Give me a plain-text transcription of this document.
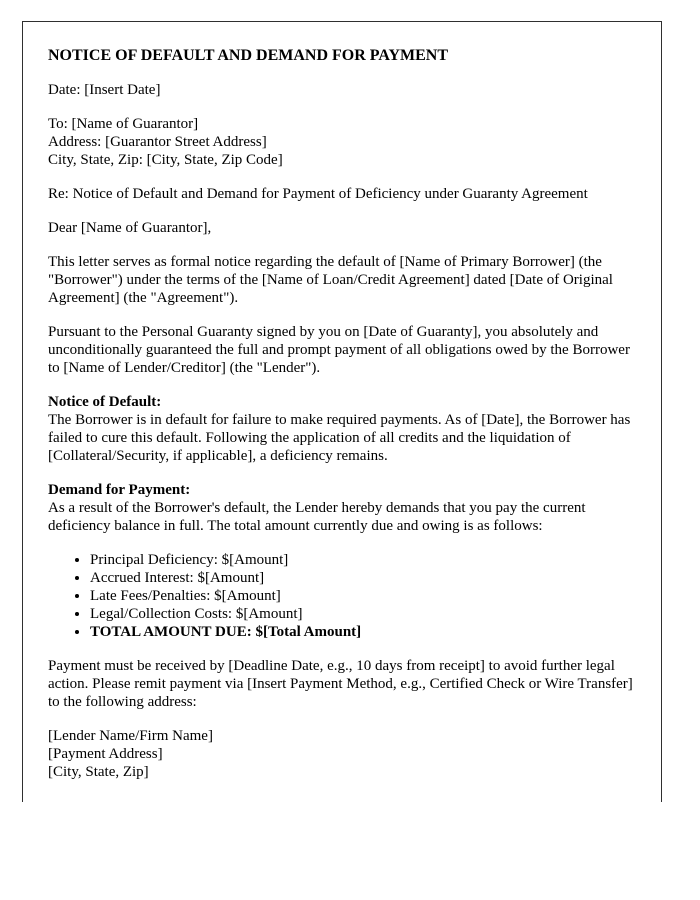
NOTICE OF DEFAULT AND DEMAND FOR PAYMENT

Date: [Insert Date]

To: [Name of Guarantor]
Address: [Guarantor Street Address]
City, State, Zip: [City, State, Zip Code]

Re: Notice of Default and Demand for Payment of Deficiency under Guaranty Agreement

Dear [Name of Guarantor],

This letter serves as formal notice regarding the default of [Name of Primary Borrower] (the "Borrower") under the terms of the [Name of Loan/Credit Agreement] dated [Date of Original Agreement] (the "Agreement").

Pursuant to the Personal Guaranty signed by you on [Date of Guaranty], you absolutely and unconditionally guaranteed the full and prompt payment of all obligations owed by the Borrower to [Name of Lender/Creditor] (the "Lender").

Notice of Default:
The Borrower is in default for failure to make required payments. As of [Date], the Borrower has failed to cure this default. Following the application of all credits and the liquidation of [Collateral/Security, if applicable], a deficiency remains.
Demand for Payment:
As a result of the Borrower's default, the Lender hereby demands that you pay the current deficiency balance in full. The total amount currently due and owing is as follows:
• Principal Deficiency: $[Amount]
• Accrued Interest: $[Amount]
• Late Fees/Penalties: $[Amount]
• Legal/Collection Costs: $[Amount]
• TOTAL AMOUNT DUE: $[Total Amount]

Payment must be received by [Deadline Date, e.g., 10 days from receipt] to avoid further legal action. Please remit payment via [Insert Payment Method, e.g., Certified Check or Wire Transfer] to the following address:

[Lender Name/Firm Name]
[Payment Address]
[City, State, Zip]
